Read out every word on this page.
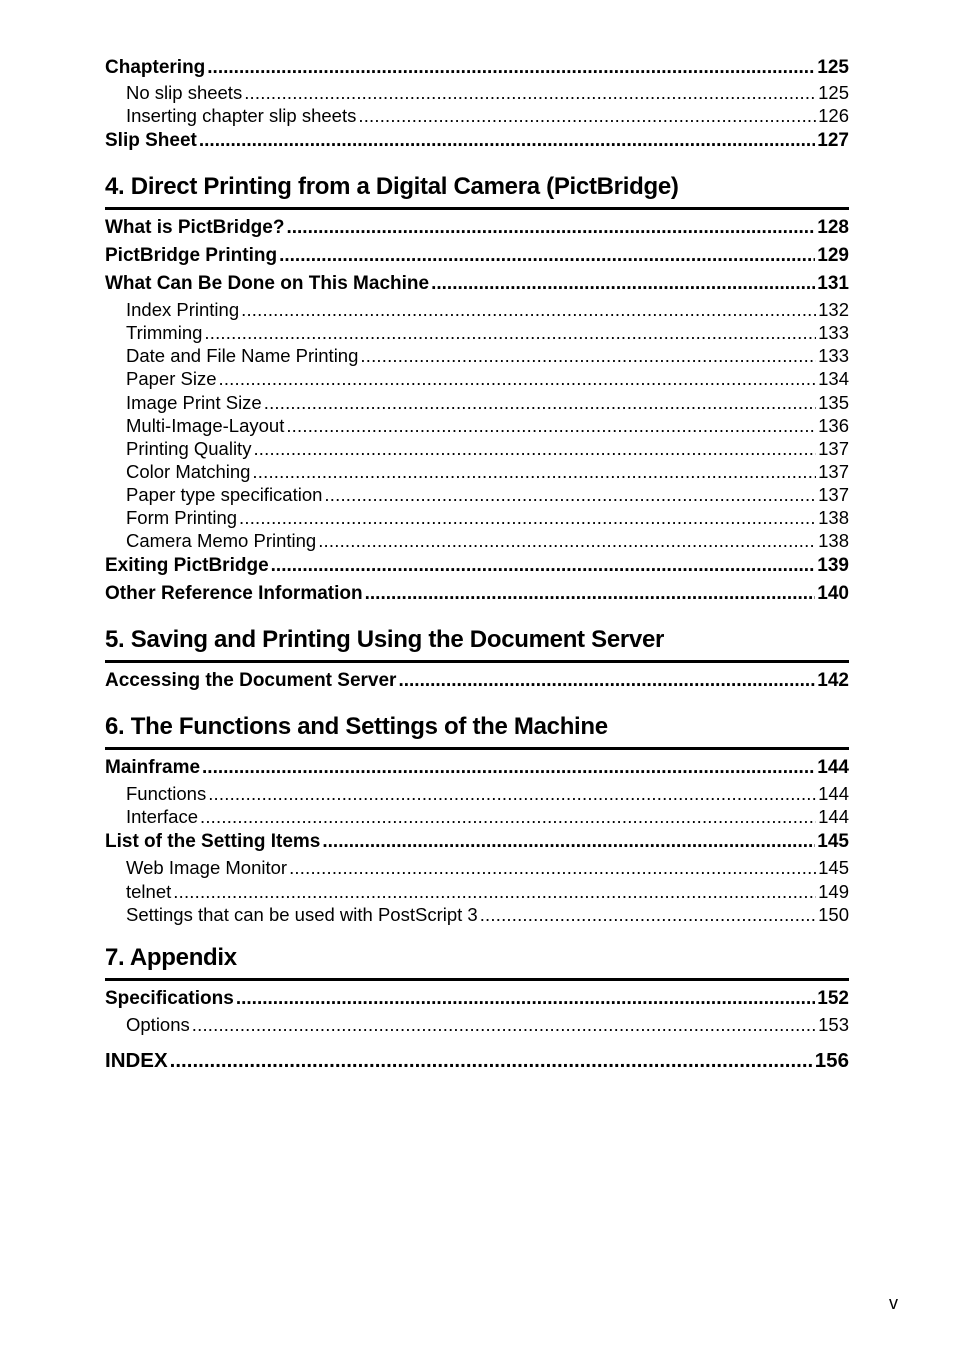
Chaptering .....	125
No slip sheets .....	125
Inserting chapter slip sheets .....	126
Slip Sheet .....	127
4. Direct Printing from a Digital Camera (PictBridge)
What is PictBridge? .....	128
PictBridge Printing .....	129
What Can Be Done on This Machine .....	131
Index Printing .....	132
Trimming .....	133
Date and File Name Printing .....	133
Paper Size .....	134
Image Print Size .....	135
Multi-Image-Layout .....	136
Printing Quality .....	137
Color Matching .....	137
Paper type specification .....	137
Form Printing .....	138
Camera Memo Printing .....	138
Exiting PictBridge .....	139
Other Reference Information .....	140
5. Saving and Printing Using the Document Server
Accessing the Document Server .....	142
6. The Functions and Settings of the Machine
Mainframe .....	144
Functions .....	144
Interface .....	144
List of the Setting Items .....	145
Web Image Monitor .....	145
telnet .....	149
Settings that can be used with PostScript 3 .....	150
7. Appendix
Specifications .....	152
Options .....	153
INDEX .....	156
v
